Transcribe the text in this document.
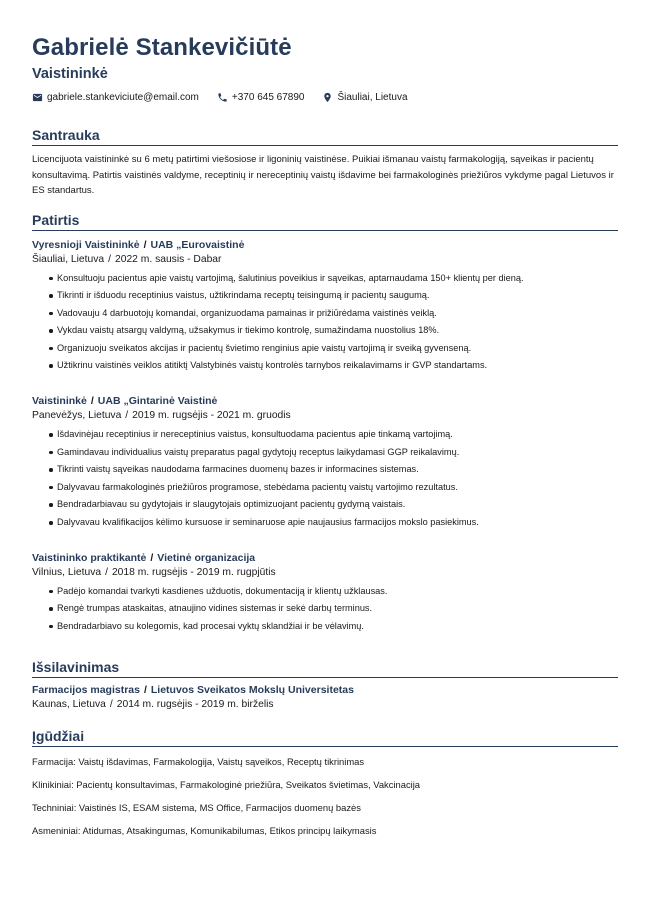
Gabrielė Stankevičiūtė
Vaistininkė
gabriele.stankeviciute@email.com	+370 645 67890	Šiauliai, Lietuva
Santrauka
Licencijuota vaistininkė su 6 metų patirtimi viešosiose ir ligoninių vaistinėse. Puikiai išmanau vaistų farmakologiją, sąveikas ir pacientų konsultavimą. Patirtis vaistinės valdyme, receptinių ir nereceptinių vaistų išdavime bei farmakologinės priežiūros vykdyme pagal Lietuvos ir ES standartus.
Patirtis
Vyresnioji Vaistininkė / UAB „Eurovaistinė
Šiauliai, Lietuva / 2022 m. sausis - Dabar
Konsultuoju pacientus apie vaistų vartojimą, šalutinius poveikius ir sąveikas, aptarnaudama 150+ klientų per dieną.
Tikrinti ir išduodu receptinius vaistus, užtikrindama receptų teisingumą ir pacientų saugumą.
Vadovauju 4 darbuotojų komandai, organizuodama pamainas ir prižiūrėdama vaistinės veiklą.
Vykdau vaistų atsargų valdymą, užsakymus ir tiekimo kontrolę, sumažindama nuostolius 18%.
Organizuoju sveikatos akcijas ir pacientų švietimo renginius apie vaistų vartojimą ir sveiką gyvenseną.
Užtikrinu vaistinės veiklos atitiktį Valstybinės vaistų kontrolės tarnybos reikalavimams ir GVP standartams.
Vaistininkė / UAB „Gintarinė Vaistinė
Panevėžys, Lietuva / 2019 m. rugsėjis - 2021 m. gruodis
Išdavinėjau receptinius ir nereceptinius vaistus, konsultuodama pacientus apie tinkamą vartojimą.
Gamindavau individualius vaistų preparatus pagal gydytojų receptus laikydamasi GGP reikalavimų.
Tikrinti vaistų sąveikas naudodama farmacines duomenų bazes ir informacines sistemas.
Dalyvavau farmakologinės priežiūros programose, stebėdama pacientų vaistų vartojimo rezultatus.
Bendradarbiavau su gydytojais ir slaugytojais optimizuojant pacientų gydymą vaistais.
Dalyvavau kvalifikacijos kėlimo kursuose ir seminaruose apie naujausius farmacijos mokslo pasiekimus.
Vaistininko praktikantė / Vietinė organizacija
Vilnius, Lietuva / 2018 m. rugsėjis - 2019 m. rugpjūtis
Padėjo komandai tvarkyti kasdienes užduotis, dokumentaciją ir klientų užklausas.
Rengė trumpas ataskaitas, atnaujino vidines sistemas ir sekė darbų terminus.
Bendradarbiavo su kolegomis, kad procesai vyktų sklandžiai ir be vėlavimų.
Išsilavinimas
Farmacijos magistras / Lietuvos Sveikatos Mokslų Universitetas
Kaunas, Lietuva / 2014 m. rugsėjis - 2019 m. birželis
Įgūdžiai
Farmacija: Vaistų išdavimas, Farmakologija, Vaistų sąveikos, Receptų tikrinimas
Klinikiniai: Pacientų konsultavimas, Farmakologinė priežiūra, Sveikatos švietimas, Vakcinacija
Techniniai: Vaistinės IS, ESAM sistema, MS Office, Farmacijos duomenų bazės
Asmeniniai: Atidumas, Atsakingumas, Komunikabilumas, Etikos principų laikymasis
